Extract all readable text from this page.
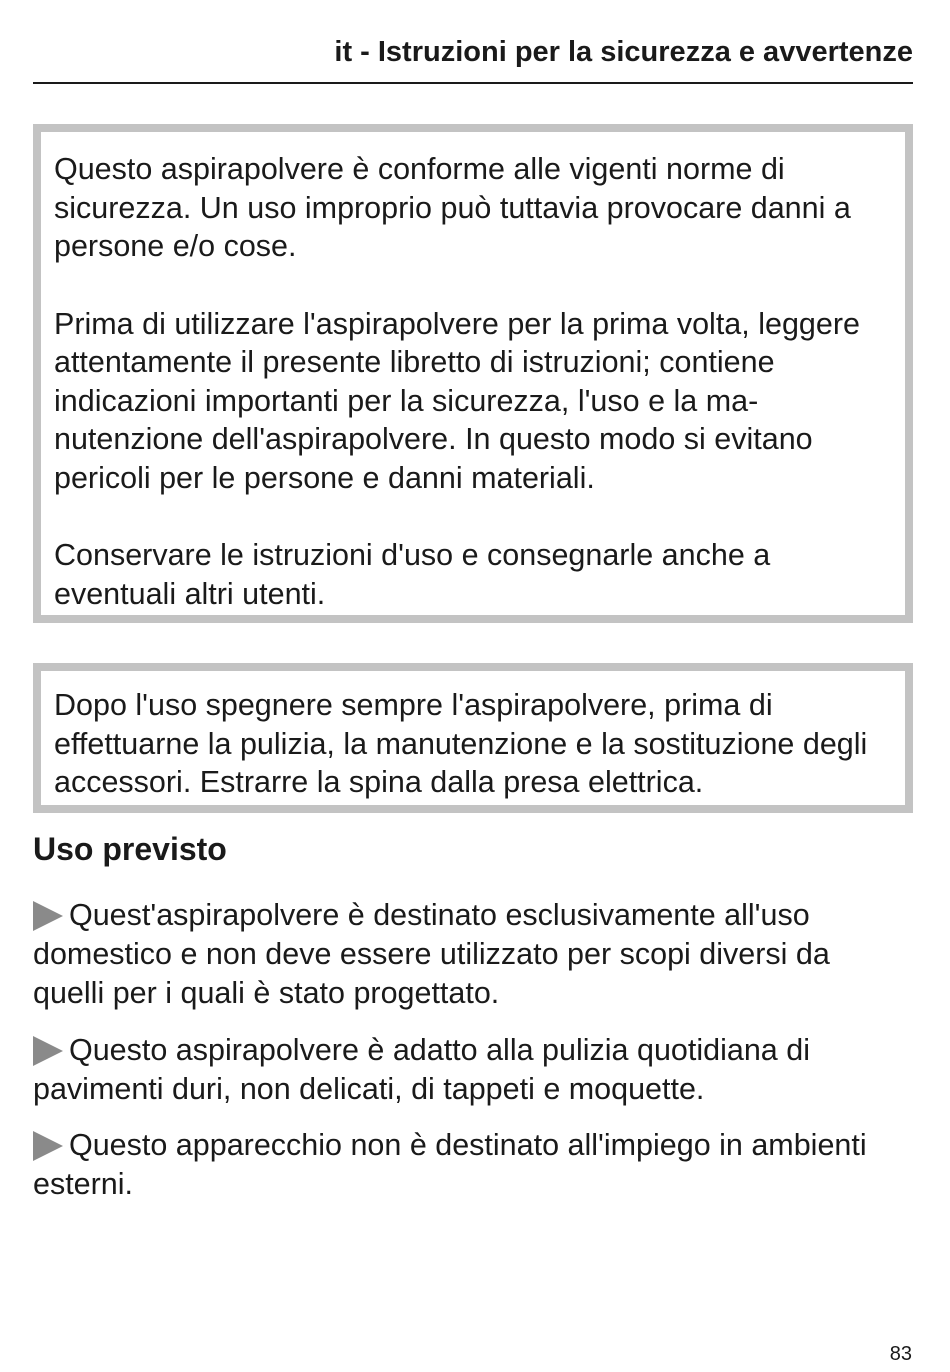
it - Istruzioni per la sicurezza e avvertenze

Questo aspirapolvere è conforme alle vigenti norme di sicurezza. Un uso improprio può tuttavia provocare danni a persone e/o cose.

Prima di utilizzare l'aspirapolvere per la prima volta, leggere attentamente il presente libretto di istruzioni; contiene indicazioni importanti per la sicurezza, l'uso e la manutenzione dell'aspirapolvere. In questo modo si evitano pericoli per le persone e danni materiali.

Conservare le istruzioni d'uso e consegnarle anche a eventuali altri utenti.

Dopo l'uso spegnere sempre l'aspirapolvere, prima di effettuarne la pulizia, la manutenzione e la sostituzione degli accessori. Estrarre la spina dalla presa elettrica.

Uso previsto

Quest'aspirapolvere è destinato esclusivamente all'uso domestico e non deve essere utilizzato per scopi diversi da quelli per i quali è stato progettato.

Questo aspirapolvere è adatto alla pulizia quotidiana di pavimenti duri, non delicati, di tappeti e moquette.

Questo apparecchio non è destinato all'impiego in ambienti esterni.

83
